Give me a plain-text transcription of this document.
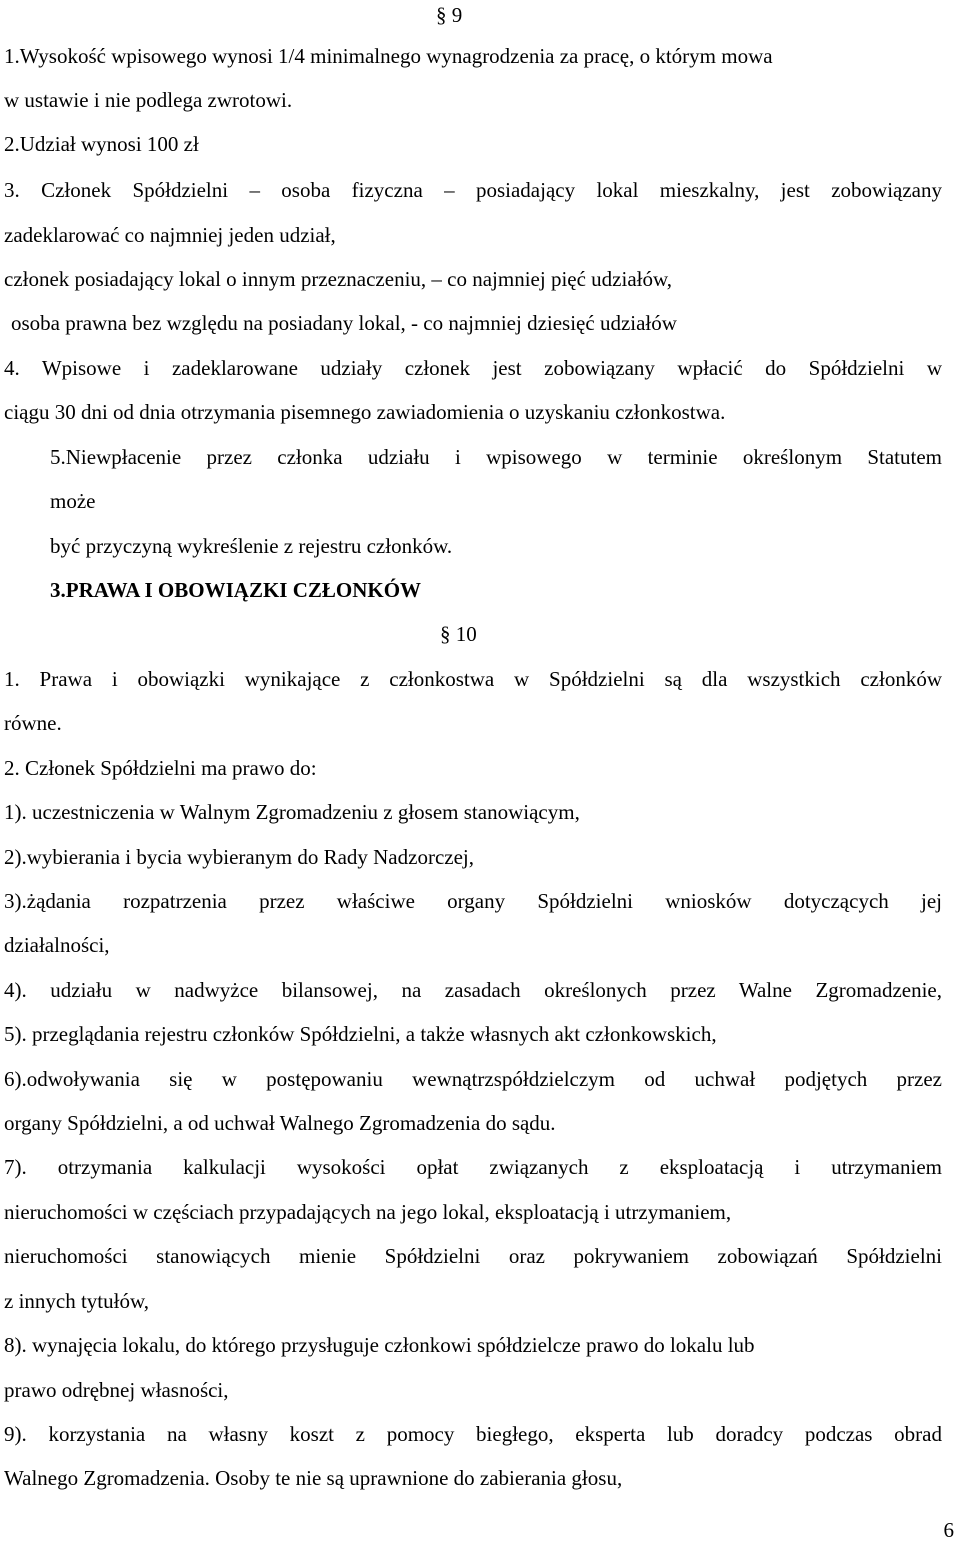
§ 9
1.Wysokość wpisowego wynosi 1/4 minimalnego wynagrodzenia za pracę, o którym mowa
w ustawie i nie podlega zwrotowi.
2.Udział wynosi 100 zł
3. Członek Spółdzielni – osoba fizyczna – posiadający lokal mieszkalny, jest zobowiązany
zadeklarować co najmniej jeden udział,
członek posiadający lokal o innym przeznaczeniu, – co najmniej pięć udziałów,
osoba prawna bez względu na posiadany lokal, - co najmniej dziesięć udziałów
4. Wpisowe i zadeklarowane udziały członek jest zobowiązany wpłacić do Spółdzielni w
ciągu 30 dni od dnia otrzymania pisemnego zawiadomienia o uzyskaniu członkostwa.
5.Niewpłacenie przez członka udziału i wpisowego w terminie określonym Statutem
może
być przyczyną wykreślenie z rejestru członków.
3.PRAWA I OBOWIĄZKI CZŁONKÓW
§ 10
1. Prawa i obowiązki wynikające z członkostwa w Spółdzielni są dla wszystkich członków
równe.
2. Członek Spółdzielni ma prawo do:
1). uczestniczenia w Walnym Zgromadzeniu z głosem stanowiącym,
2).wybierania i bycia wybieranym do Rady Nadzorczej,
3).żądania rozpatrzenia przez właściwe organy Spółdzielni wniosków dotyczących jej
działalności,
4). udziału w nadwyżce bilansowej, na zasadach określonych przez Walne Zgromadzenie,
5). przeglądania rejestru członków Spółdzielni, a także własnych akt członkowskich,
6).odwoływania się w postępowaniu wewnątrzspółdzielczym od uchwał podjętych przez
organy Spółdzielni, a od uchwał Walnego Zgromadzenia do sądu.
7). otrzymania kalkulacji wysokości opłat związanych z eksploatacją i utrzymaniem
nieruchomości w częściach przypadających na jego lokal, eksploatacją i utrzymaniem,
nieruchomości stanowiących mienie Spółdzielni oraz pokrywaniem zobowiązań Spółdzielni
z innych tytułów,
8). wynajęcia lokalu, do którego przysługuje członkowi spółdzielcze prawo do lokalu lub
prawo odrębnej własności,
9). korzystania na własny koszt z pomocy biegłego, eksperta lub doradcy podczas obrad
Walnego Zgromadzenia. Osoby te nie są uprawnione do zabierania głosu,
6
